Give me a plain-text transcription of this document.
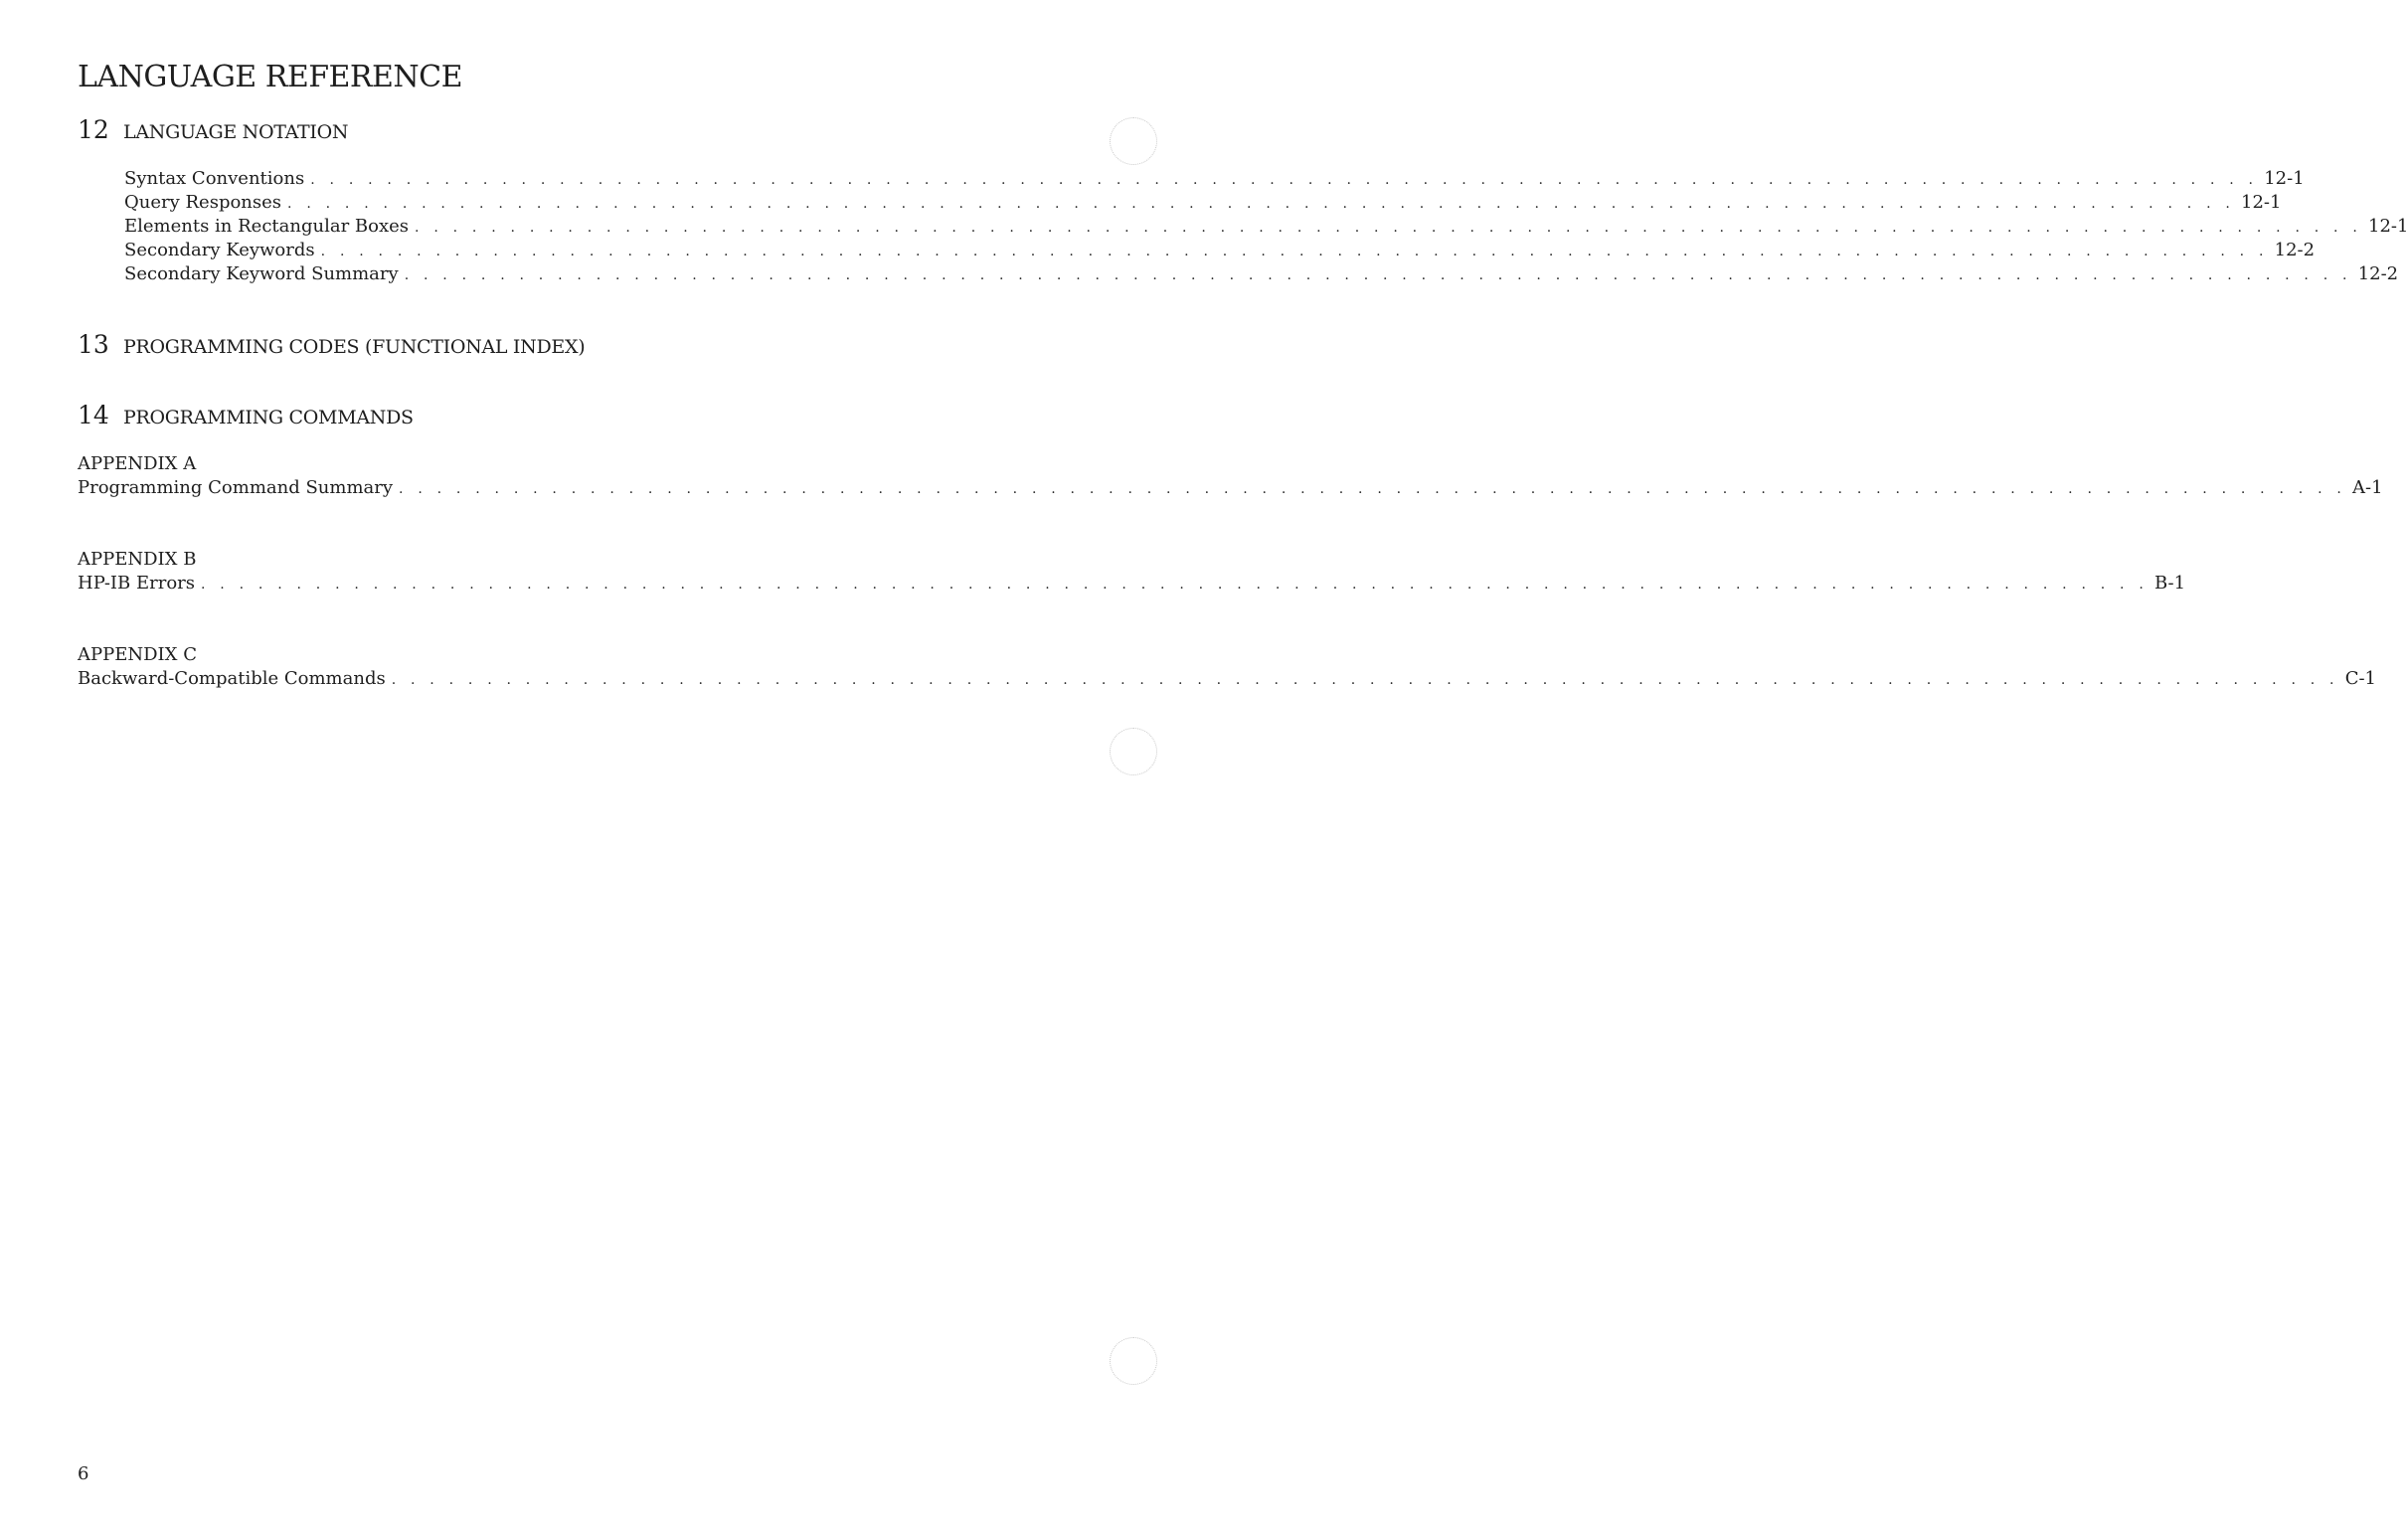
LANGUAGE REFERENCE
12 LANGUAGE NOTATION
Syntax Conventions . . . . . . . . . . . . . . . . . . . . . . . . . . . . . . . . . . . . . . . . . . . . . . . . . . . . . . . . . . . . . . . . . . . . . . . . . . . . . . . . . . . . . . . . . . . . . . . . . . . . . . 12-1
Query Responses . . . . . . . . . . . . . . . . . . . . . . . . . . . . . . . . . . . . . . . . . . . . . . . . . . . . . . . . . . . . . . . . . . . . . . . . . . . . . . . . . . . . . . . . . . . . . . . . . . . . . . 12-1
Elements in Rectangular Boxes . . . . . . . . . . . . . . . . . . . . . . . . . . . . . . . . . . . . . . . . . . . . . . . . . . . . . . . . . . . . . . . . . . . . . . . . . . . . . . . . . . . . . . . . . . . . . . . . . . . . . . 12-1
Secondary Keywords . . . . . . . . . . . . . . . . . . . . . . . . . . . . . . . . . . . . . . . . . . . . . . . . . . . . . . . . . . . . . . . . . . . . . . . . . . . . . . . . . . . . . . . . . . . . . . . . . . . . . . 12-2
Secondary Keyword Summary . . . . . . . . . . . . . . . . . . . . . . . . . . . . . . . . . . . . . . . . . . . . . . . . . . . . . . . . . . . . . . . . . . . . . . . . . . . . . . . . . . . . . . . . . . . . . . . . . . . . . . 12-2
13 PROGRAMMING CODES (FUNCTIONAL INDEX)
14 PROGRAMMING COMMANDS
APPENDIX A
Programming Command Summary . . . . . . . . . . . . . . . . . . . . . . . . . . . . . . . . . . . . . . . . . . . . . . . . . . . . . . . . . . . . . . . . . . . . . . . . . . . . . . . . . . . . . . . . . . . . . . . . . . . . . . A-1
APPENDIX B
HP-IB Errors . . . . . . . . . . . . . . . . . . . . . . . . . . . . . . . . . . . . . . . . . . . . . . . . . . . . . . . . . . . . . . . . . . . . . . . . . . . . . . . . . . . . . . . . . . . . . . . . . . . . . . B-1
APPENDIX C
Backward-Compatible Commands . . . . . . . . . . . . . . . . . . . . . . . . . . . . . . . . . . . . . . . . . . . . . . . . . . . . . . . . . . . . . . . . . . . . . . . . . . . . . . . . . . . . . . . . . . . . . . . . . . . . . . C-1
6
